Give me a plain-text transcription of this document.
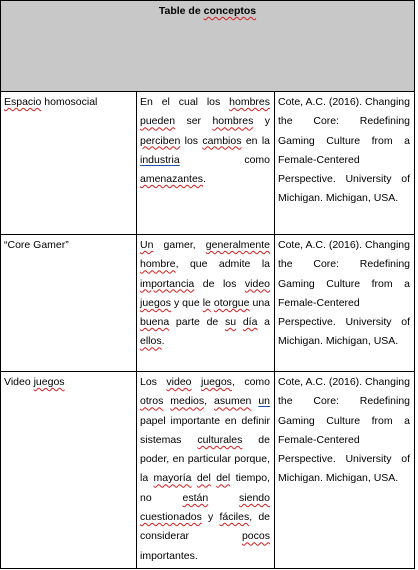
Table de conceptos		

Espacio homosocial	En el cual los hombres pueden ser hombres y perciben los cambios en la industria como amenazantes.	Cote, A.C. (2016). Changing the Core: Redefining Gaming Culture from a Female-Centered Perspective. University of Michigan. Michigan, USA.

“Core Gamer”	Un gamer, generalmente hombre, que admite la importancia de los video juegos y que le otorgue una buena parte de su día a ellos.	Cote, A.C. (2016). Changing the Core: Redefining Gaming Culture from a Female-Centered Perspective. University of Michigan. Michigan, USA.

Video juegos	Los video juegos, como otros medios, asumen un papel importante en definir sistemas culturales de poder, en particular porque, la mayoría del del tiempo, no están siendo cuestionados y fáciles, de considerar pocos importantes.	Cote, A.C. (2016). Changing the Core: Redefining Gaming Culture from a Female-Centered Perspective. University of Michigan. Michigan, USA.
